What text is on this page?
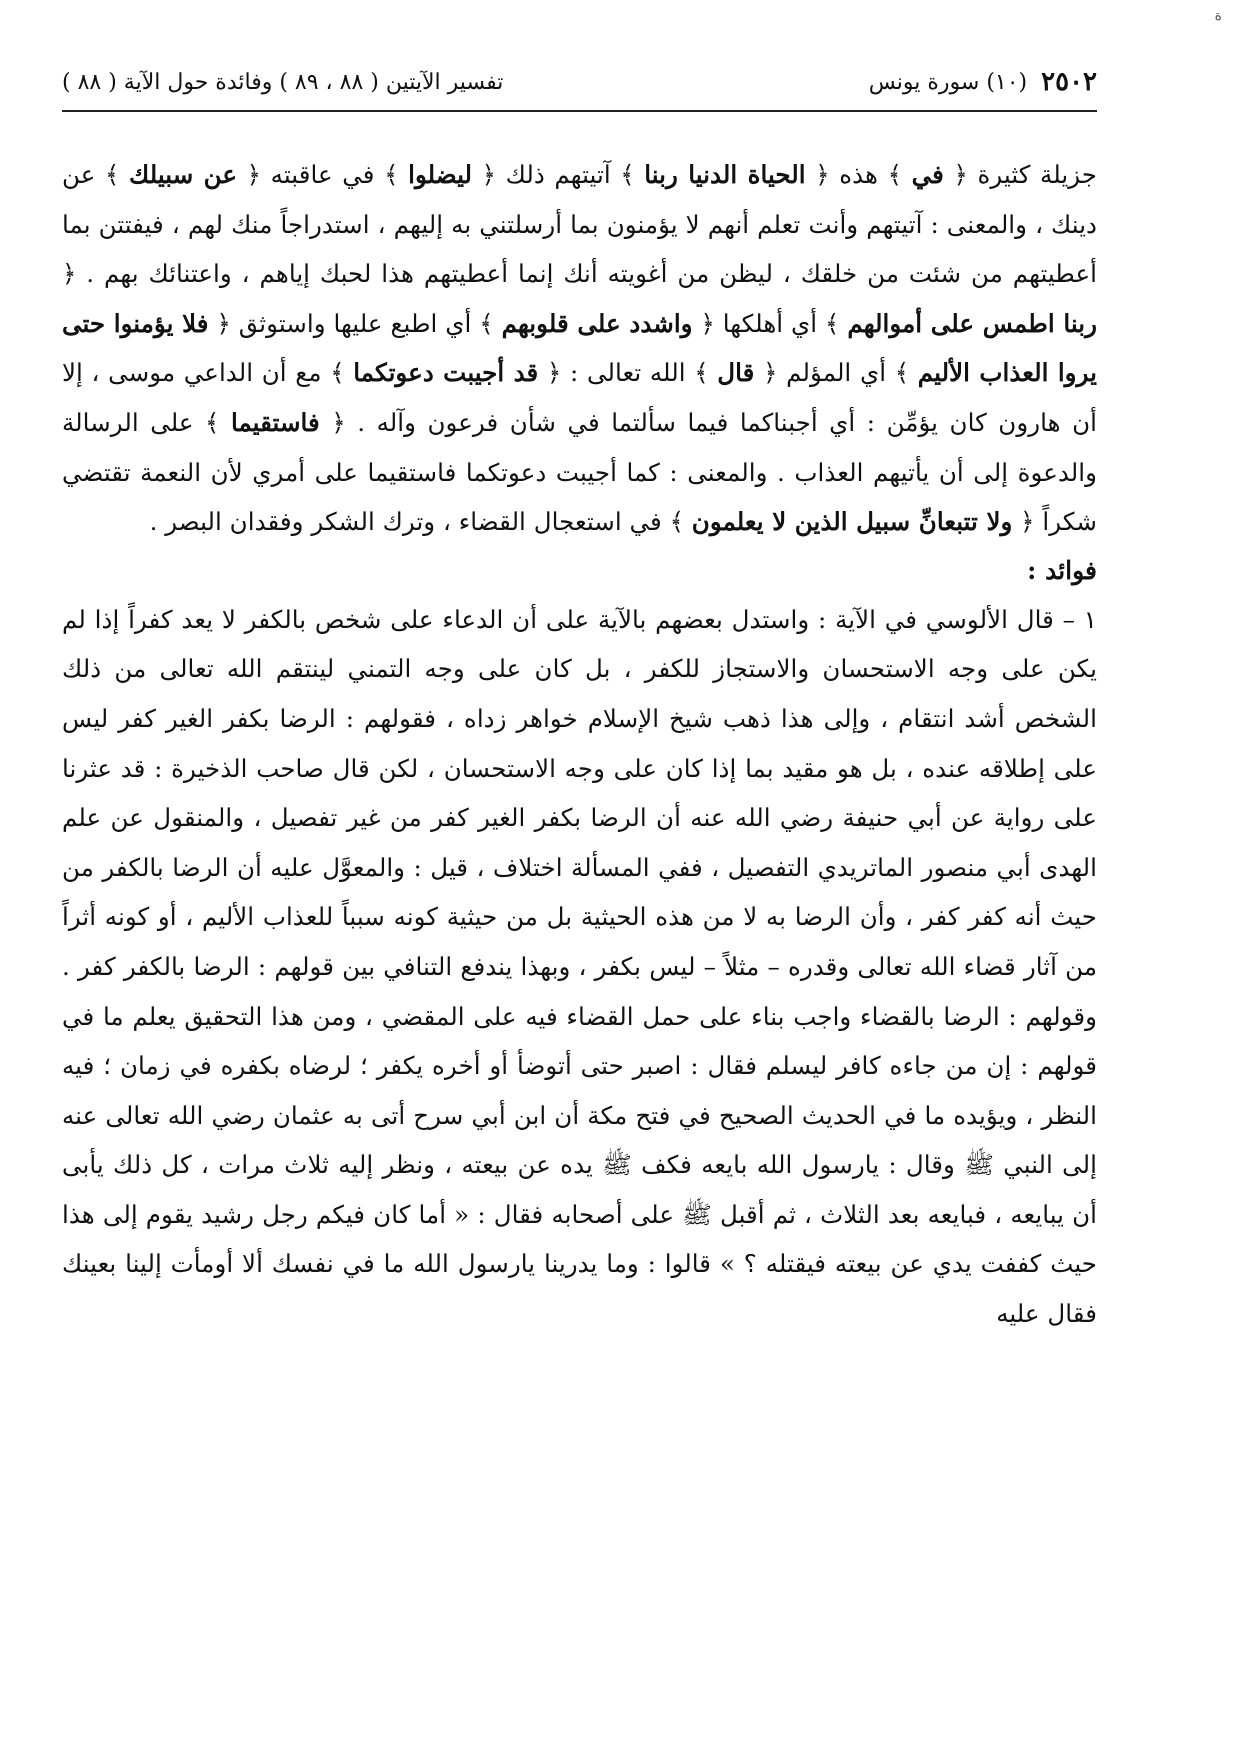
ة
٢٥٠٢
(١٠) سورة يونس
تفسير الآيتين ( ٨٨ ، ٨٩ ) وفائدة حول الآية ( ٨٨ )

جزيلة كثيرة ﴿ في ﴾ هذه ﴿ الحياة الدنيا ربنا ﴾ آتيتهم ذلك ﴿ ليضلوا ﴾ في عاقبته ﴿ عن سبيلك ﴾ عن دينك ، والمعنى : آتيتهم وأنت تعلم أنهم لا يؤمنون بما أرسلتني به إليهم ، استدراجاً منك لهم ، فيفتتن بما أعطيتهم من شئت من خلقك ، ليظن من أغويته أنك إنما أعطيتهم هذا لحبك إياهم ، واعتنائك بهم . ﴿ ربنا اطمس على أموالهم ﴾ أي أهلكها ﴿ واشدد على قلوبهم ﴾ أي اطبع عليها واستوثق ﴿ فلا يؤمنوا حتى يروا العذاب الأليم ﴾ أي المؤلم ﴿ قال ﴾ الله تعالى : ﴿ قد أجيبت دعوتكما ﴾ مع أن الداعي موسى ، إلا أن هارون كان يؤمِّن : أي أجبناكما فيما سألتما في شأن فرعون وآله . ﴿ فاستقيما ﴾ على الرسالة والدعوة إلى أن يأتيهم العذاب . والمعنى : كما أجيبت دعوتكما فاستقيما على أمري لأن النعمة تقتضي شكراً ﴿ ولا تتبعانِّ سبيل الذين لا يعلمون ﴾ في استعجال القضاء ، وترك الشكر وفقدان البصر .

فوائد :

١ – قال الألوسي في الآية : واستدل بعضهم بالآية على أن الدعاء على شخص بالكفر لا يعد كفراً إذا لم يكن على وجه الاستحسان والاستجاز للكفر ، بل كان على وجه التمني لينتقم الله تعالى من ذلك الشخص أشد انتقام ، وإلى هذا ذهب شيخ الإسلام خواهر زداه ، فقولهم : الرضا بكفر الغير كفر ليس على إطلاقه عنده ، بل هو مقيد بما إذا كان على وجه الاستحسان ، لكن قال صاحب الذخيرة : قد عثرنا على رواية عن أبي حنيفة رضي الله عنه أن الرضا بكفر الغير كفر من غير تفصيل ، والمنقول عن علم الهدى أبي منصور الماتريدي التفصيل ، ففي المسألة اختلاف ، قيل : والمعوَّل عليه أن الرضا بالكفر من حيث أنه كفر كفر ، وأن الرضا به لا من هذه الحيثية بل من حيثية كونه سبباً للعذاب الأليم ، أو كونه أثراً من آثار قضاء الله تعالى وقدره – مثلاً – ليس بكفر ، وبهذا يندفع التنافي بين قولهم : الرضا بالكفر كفر . وقولهم : الرضا بالقضاء واجب بناء على حمل القضاء فيه على المقضي ، ومن هذا التحقيق يعلم ما في قولهم : إن من جاءه كافر ليسلم فقال : اصبر حتى أتوضأ أو أخره يكفر ؛ لرضاه بكفره في زمان ؛ فيه النظر ، ويؤيده ما في الحديث الصحيح في فتح مكة أن ابن أبي سرح أتى به عثمان رضي الله تعالى عنه إلى النبي ﷺ وقال : يارسول الله بايعه فكف ﷺ يده عن بيعته ، ونظر إليه ثلاث مرات ، كل ذلك يأبى أن يبايعه ، فبايعه بعد الثلاث ، ثم أقبل ﷺ على أصحابه فقال : « أما كان فيكم رجل رشيد يقوم إلى هذا حيث كففت يدي عن بيعته فيقتله ؟ » قالوا : وما يدرينا يارسول الله ما في نفسك ألا أومأت إلينا بعينك فقال عليه
